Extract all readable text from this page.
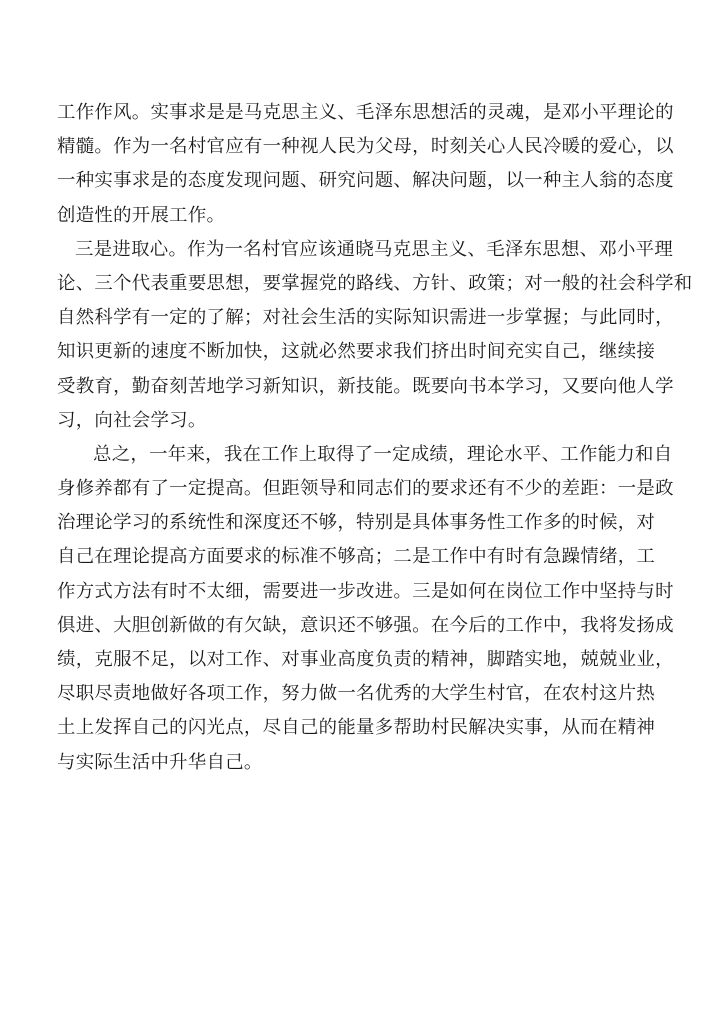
工作作风。实事求是是马克思主义、毛泽东思想活的灵魂，是邓小平理论的
精髓。作为一名村官应有一种视人民为父母，时刻关心人民冷暖的爱心，以
一种实事求是的态度发现问题、研究问题、解决问题，以一种主人翁的态度
创造性的开展工作。
三是进取心。作为一名村官应该通晓马克思主义、毛泽东思想、邓小平理
论、三个代表重要思想，要掌握党的路线、方针、政策；对一般的社会科学和
自然科学有一定的了解；对社会生活的实际知识需进一步掌握；与此同时，
知识更新的速度不断加快，这就必然要求我们挤出时间充实自己，继续接
受教育，勤奋刻苦地学习新知识，新技能。既要向书本学习，又要向他人学
习，向社会学习。
总之，一年来，我在工作上取得了一定成绩，理论水平、工作能力和自
身修养都有了一定提高。但距领导和同志们的要求还有不少的差距：一是政
治理论学习的系统性和深度还不够，特别是具体事务性工作多的时候，对
自己在理论提高方面要求的标准不够高；二是工作中有时有急躁情绪，工
作方式方法有时不太细，需要进一步改进。三是如何在岗位工作中坚持与时
俱进、大胆创新做的有欠缺，意识还不够强。在今后的工作中，我将发扬成
绩，克服不足，以对工作、对事业高度负责的精神，脚踏实地，兢兢业业，
尽职尽责地做好各项工作，努力做一名优秀的大学生村官，在农村这片热
土上发挥自己的闪光点，尽自己的能量多帮助村民解决实事，从而在精神
与实际生活中升华自己。
